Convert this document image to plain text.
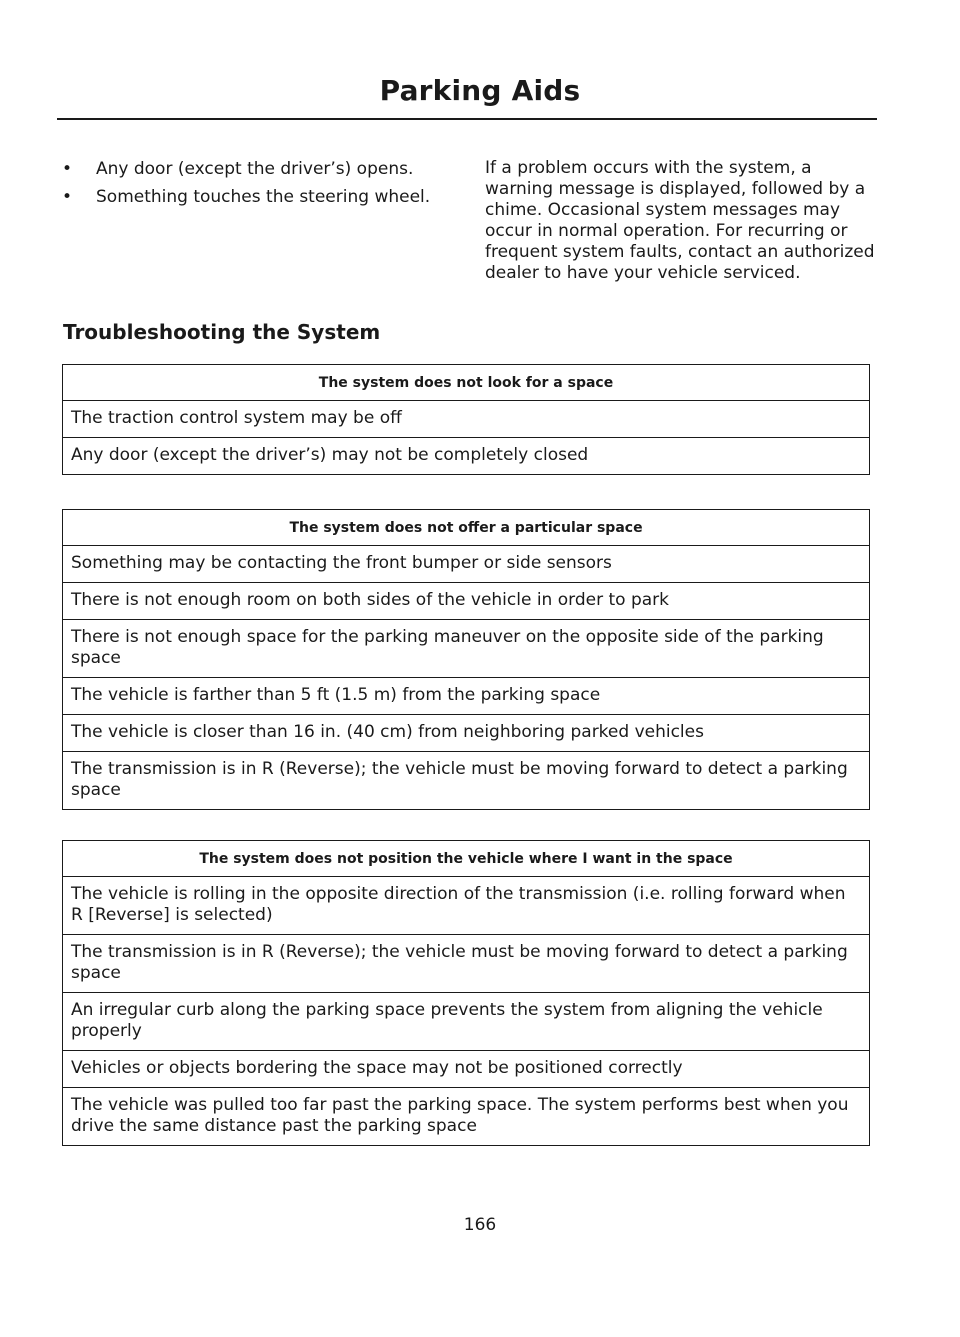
Parking Aids
• Any door (except the driver’s) opens.
• Something touches the steering wheel.

If a problem occurs with the system, a warning message is displayed, followed by a chime. Occasional system messages may occur in normal operation. For recurring or frequent system faults, contact an authorized dealer to have your vehicle serviced.

Troubleshooting the System
The system does not look for a space
The traction control system may be off
Any door (except the driver’s) may not be completely closed
The system does not offer a particular space
Something may be contacting the front bumper or side sensors
There is not enough room on both sides of the vehicle in order to park
There is not enough space for the parking maneuver on the opposite side of the parking space
The vehicle is farther than 5 ft (1.5 m) from the parking space
The vehicle is closer than 16 in. (40 cm) from neighboring parked vehicles
The transmission is in R (Reverse); the vehicle must be moving forward to detect a parking space
The system does not position the vehicle where I want in the space
The vehicle is rolling in the opposite direction of the transmission (i.e. rolling forward when R [Reverse] is selected)
The transmission is in R (Reverse); the vehicle must be moving forward to detect a parking space
An irregular curb along the parking space prevents the system from aligning the vehicle properly
Vehicles or objects bordering the space may not be positioned correctly
The vehicle was pulled too far past the parking space. The system performs best when you drive the same distance past the parking space
166
